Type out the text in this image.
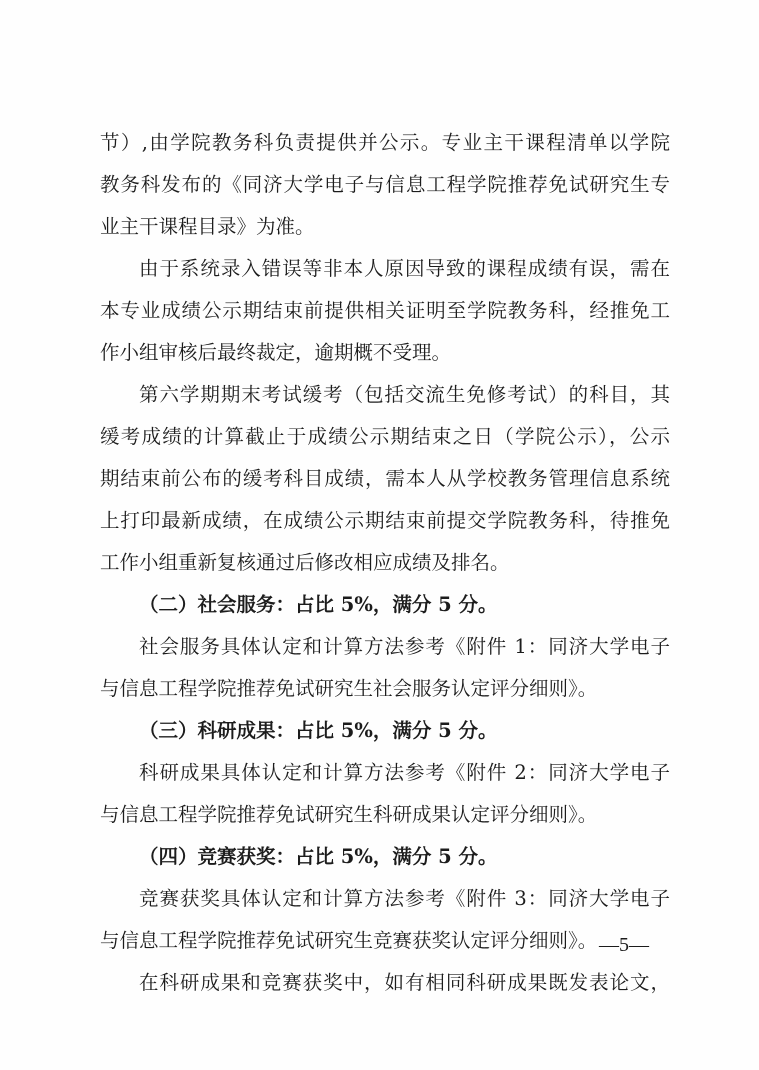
节）,由学院教务科负责提供并公示。专业主干课程清单以学院
教务科发布的《同济大学电子与信息工程学院推荐免试研究生专
业主干课程目录》为准。
由于系统录入错误等非本人原因导致的课程成绩有误，需在
本专业成绩公示期结束前提供相关证明至学院教务科，经推免工
作小组审核后最终裁定，逾期概不受理。
第六学期期末考试缓考（包括交流生免修考试）的科目，其
缓考成绩的计算截止于成绩公示期结束之日（学院公示），公示
期结束前公布的缓考科目成绩，需本人从学校教务管理信息系统
上打印最新成绩，在成绩公示期结束前提交学院教务科，待推免
工作小组重新复核通过后修改相应成绩及排名。
（二）社会服务：占比 5%，满分 5 分。
社会服务具体认定和计算方法参考《附件 1：同济大学电子
与信息工程学院推荐免试研究生社会服务认定评分细则》。
（三）科研成果：占比 5%，满分 5 分。
科研成果具体认定和计算方法参考《附件 2：同济大学电子
与信息工程学院推荐免试研究生科研成果认定评分细则》。
（四）竞赛获奖：占比 5%，满分 5 分。
竞赛获奖具体认定和计算方法参考《附件 3：同济大学电子
与信息工程学院推荐免试研究生竞赛获奖认定评分细则》。
在科研成果和竞赛获奖中，如有相同科研成果既发表论文，
—5—
